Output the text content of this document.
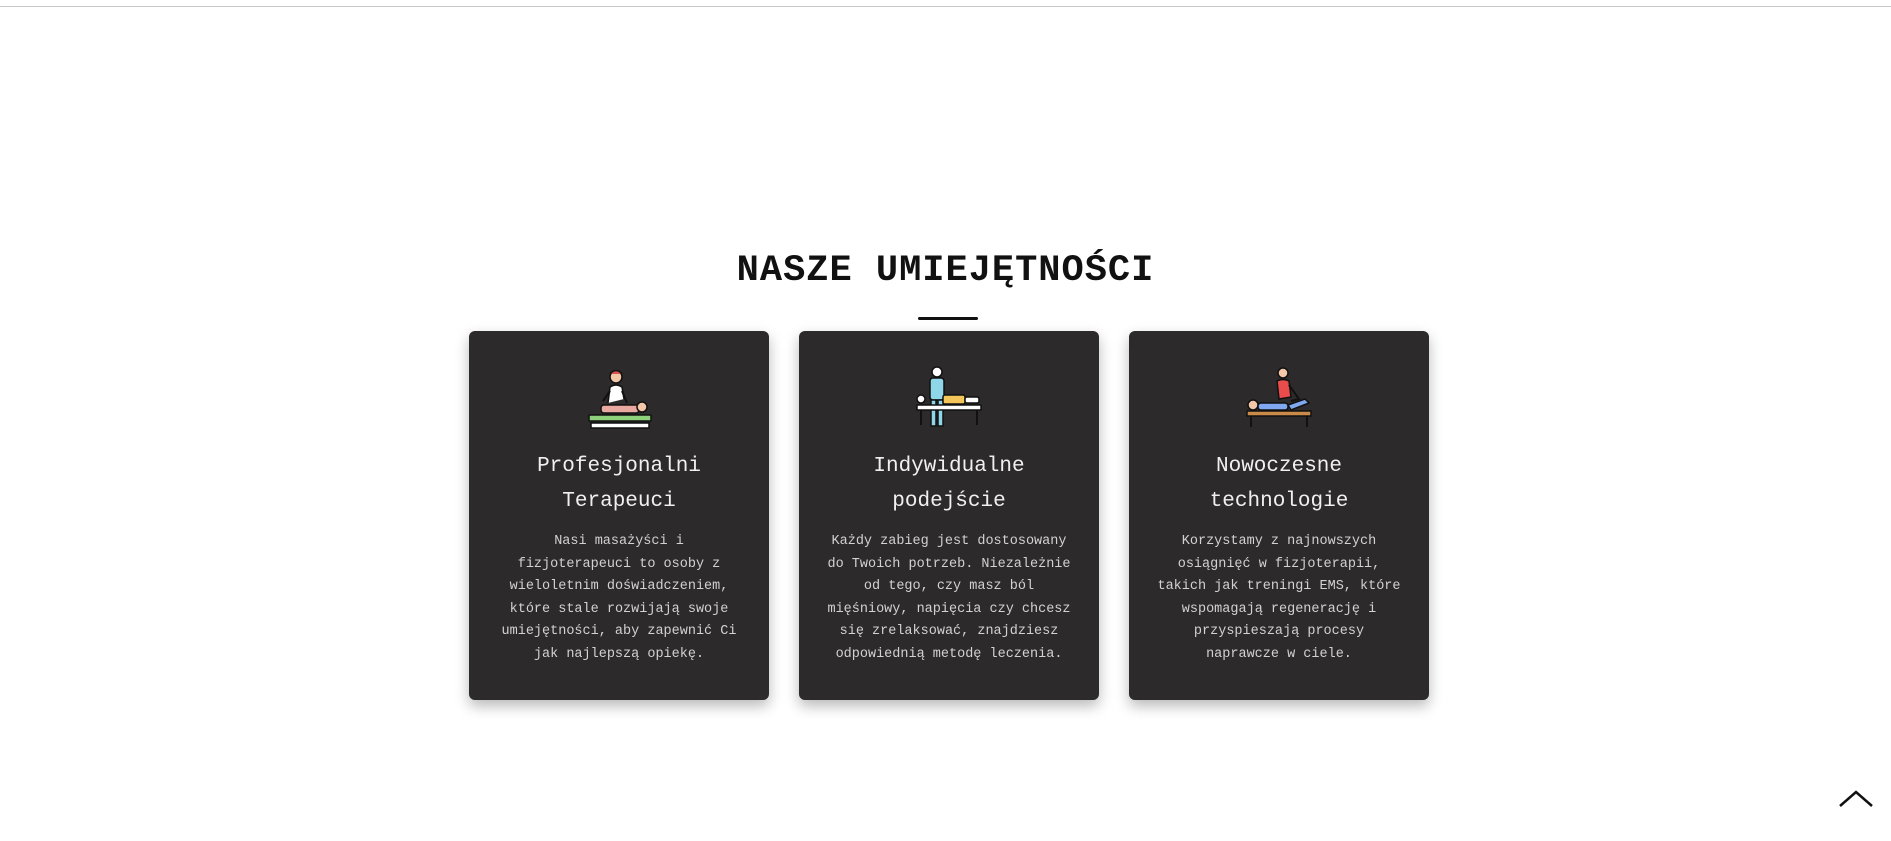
NASZE UMIEJĘTNOŚCI
Profesjonalni Terapeuci

Nasi masażyści i fizjoterapeuci to osoby z wieloletnim doświadczeniem, które stale rozwijają swoje umiejętności, aby zapewnić Ci jak najlepszą opiekę.

Indywidualne podejście

Każdy zabieg jest dostosowany do Twoich potrzeb. Niezależnie od tego, czy masz ból mięśniowy, napięcia czy chcesz się zrelaksować, znajdziesz odpowiednią metodę leczenia.

Nowoczesne technologie

Korzystamy z najnowszych osiągnięć w fizjoterapii, takich jak treningi EMS, które wspomagają regenerację i przyspieszają procesy naprawcze w ciele.
